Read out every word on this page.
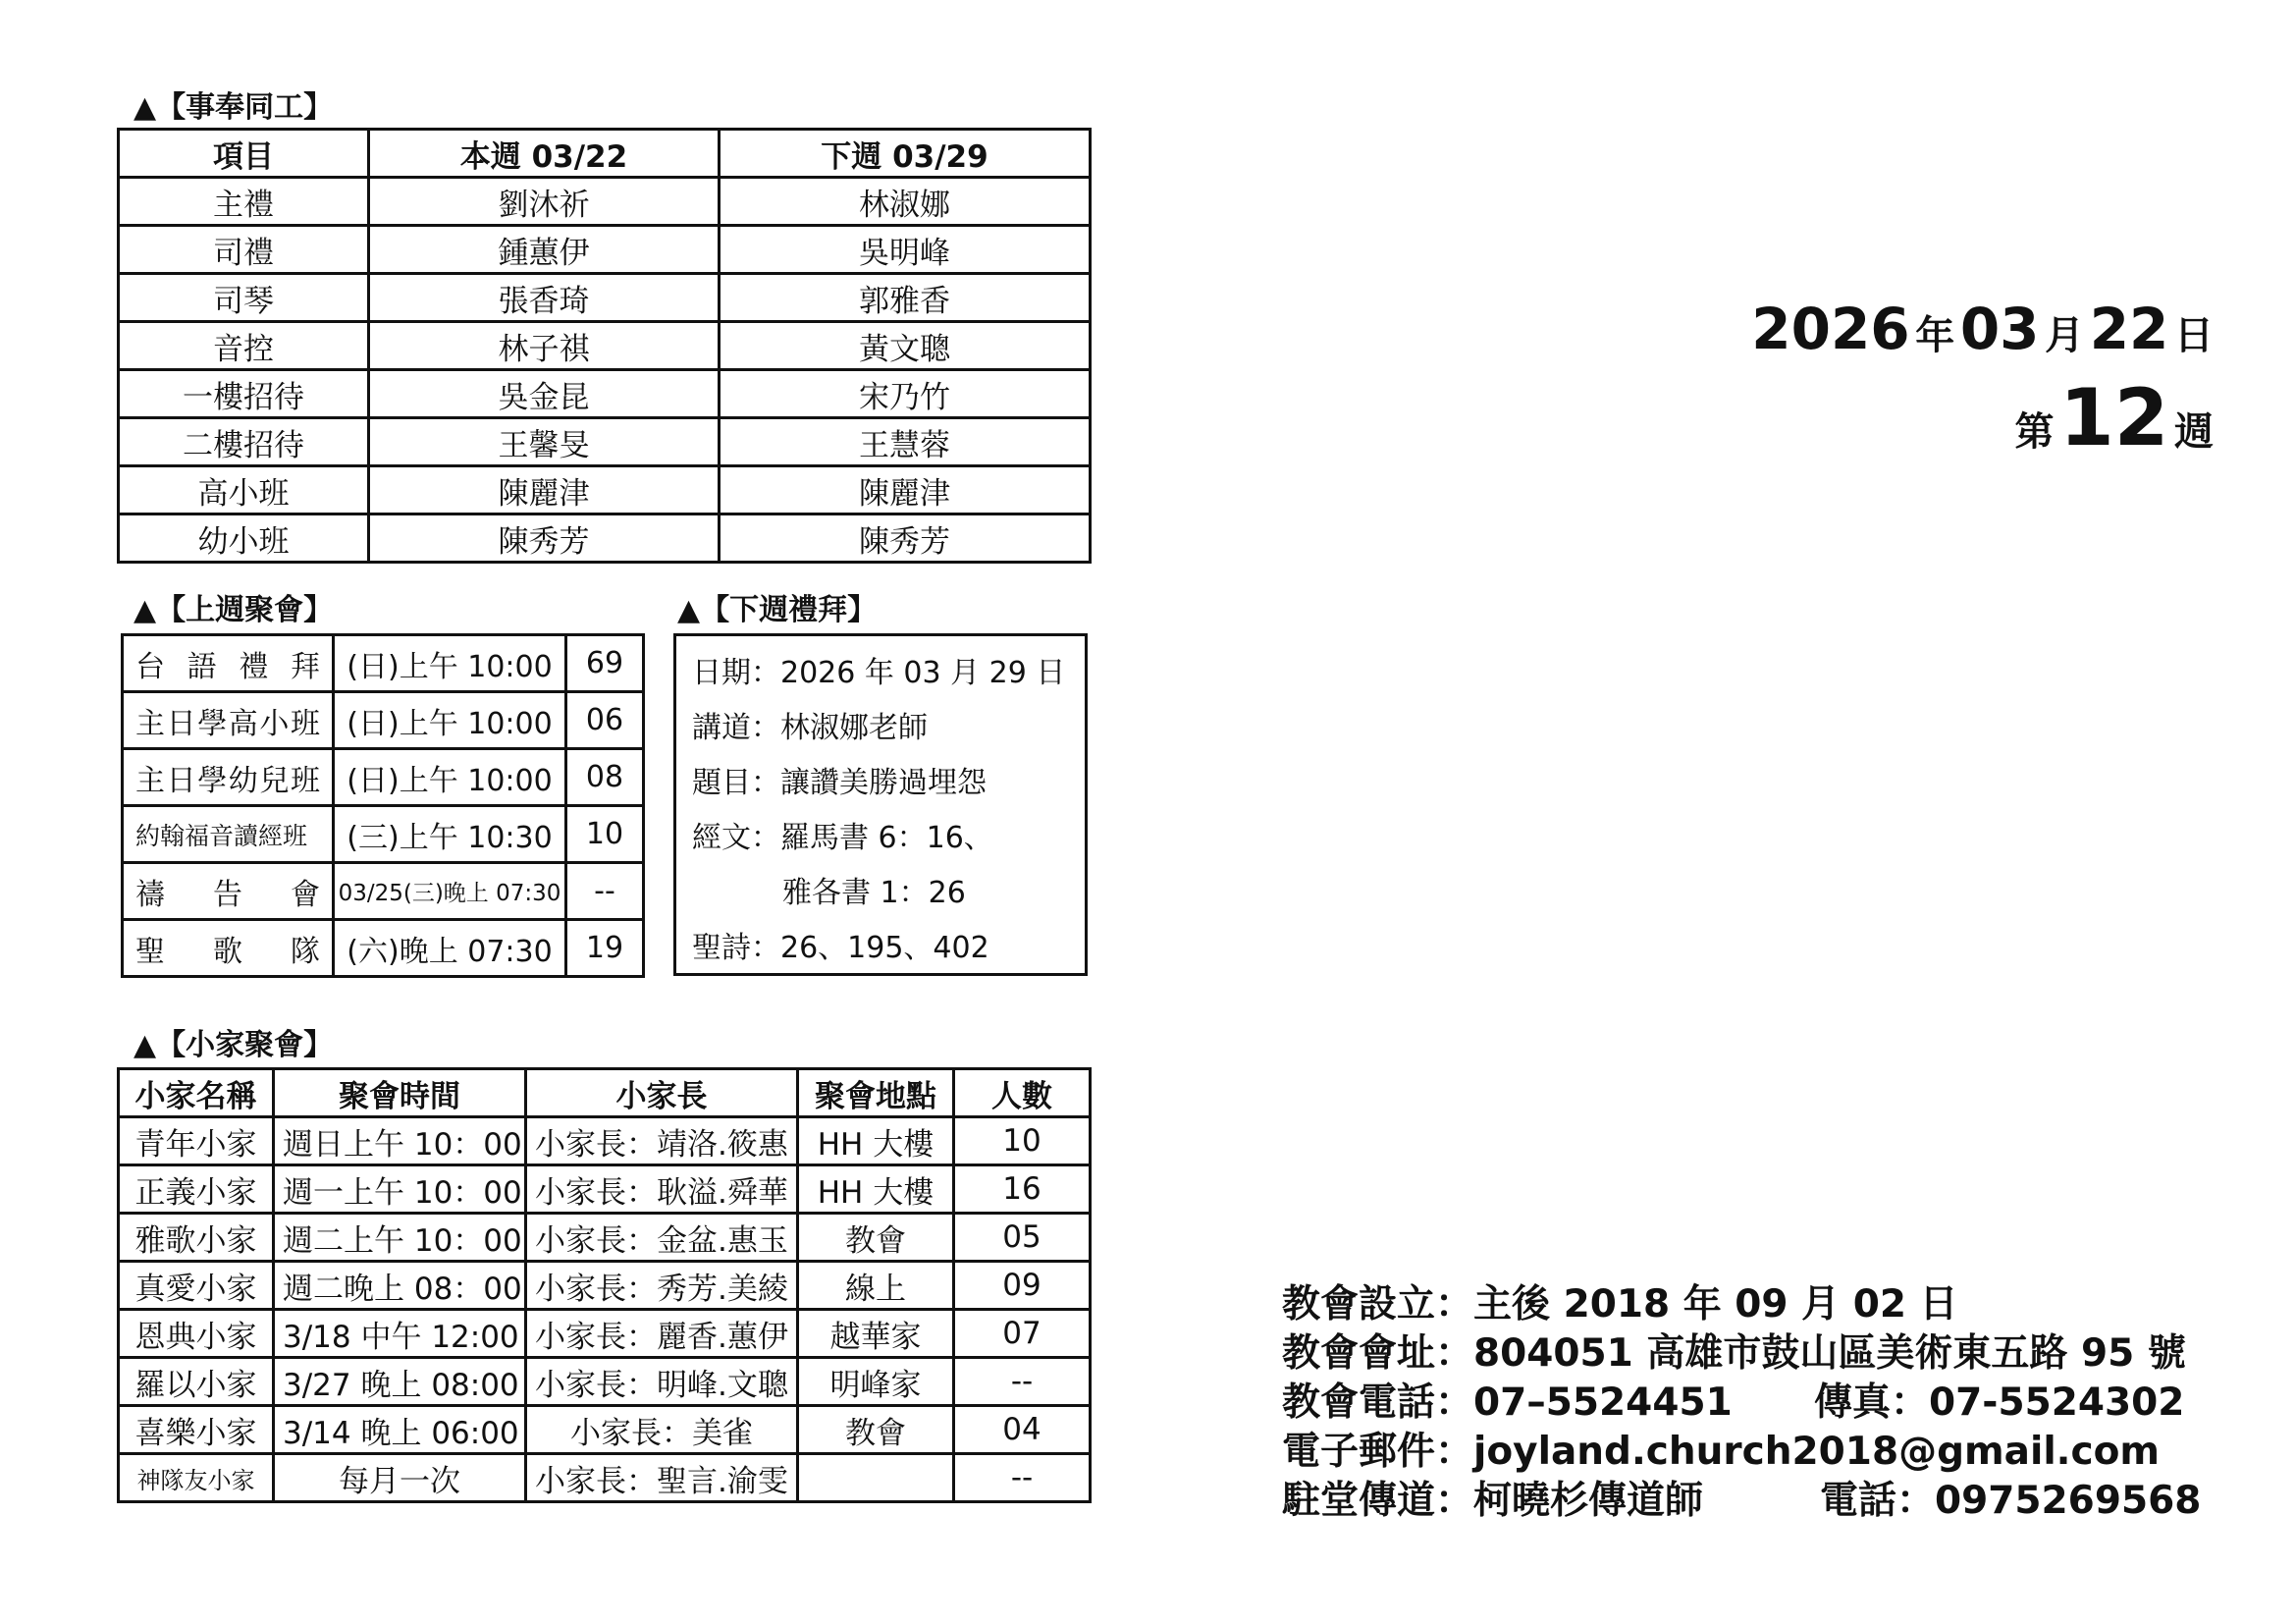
▲【事奉同工】
項目	本週 03/22	下週 03/29
主禮	劉沐祈	林淑娜
司禮	鍾蕙伊	吳明峰
司琴	張香琦	郭雅香
音控	林子祺	黃文聰
一樓招待	吳金昆	宋乃竹
二樓招待	王馨旻	王慧蓉
高小班	陳麗津	陳麗津
幼小班	陳秀芳	陳秀芳
▲【上週聚會】
台語禮拜	(日)上午 10:00	69
主日學高小班	(日)上午 10:00	06
主日學幼兒班	(日)上午 10:00	08
約翰福音讀經班	(三)上午 10:30	10
禱告會	03/25(三)晚上 07:30	--
聖歌隊	(六)晚上 07:30	19
▲【下週禮拜】
日期：2026 年 03 月 29 日
講道：林淑娜老師
題目：讓讚美勝過埋怨
經文：羅馬書 6：16、
雅各書 1：26
聖詩：26、195、402
▲【小家聚會】
小家名稱	聚會時間	小家長	聚會地點	人數
青年小家	週日上午 10：00	小家長：靖洛.筱惠	HH 大樓	10
正義小家	週一上午 10：00	小家長：耿溢.舜華	HH 大樓	16
雅歌小家	週二上午 10：00	小家長：金盆.惠玉	教會	05
真愛小家	週二晚上 08：00	小家長：秀芳.美綾	線上	09
恩典小家	3/18 中午 12:00	小家長：麗香.蕙伊	越華家	07
羅以小家	3/27 晚上 08:00	小家長：明峰.文聰	明峰家	--
喜樂小家	3/14 晚上 06:00	小家長：美雀	教會	04
神隊友小家	每月一次	小家長：聖言.渝雯		--
2026 年 03 月 22 日
第 12 週
教會設立：主後 2018 年 09 月 02 日
教會會址：804051 高雄市鼓山區美術東五路 95 號
教會電話：07–5524451 傳真：07-5524302
電子郵件：joyland.church2018@gmail.com
駐堂傳道：柯曉杉傳道師	電話：0975269568
